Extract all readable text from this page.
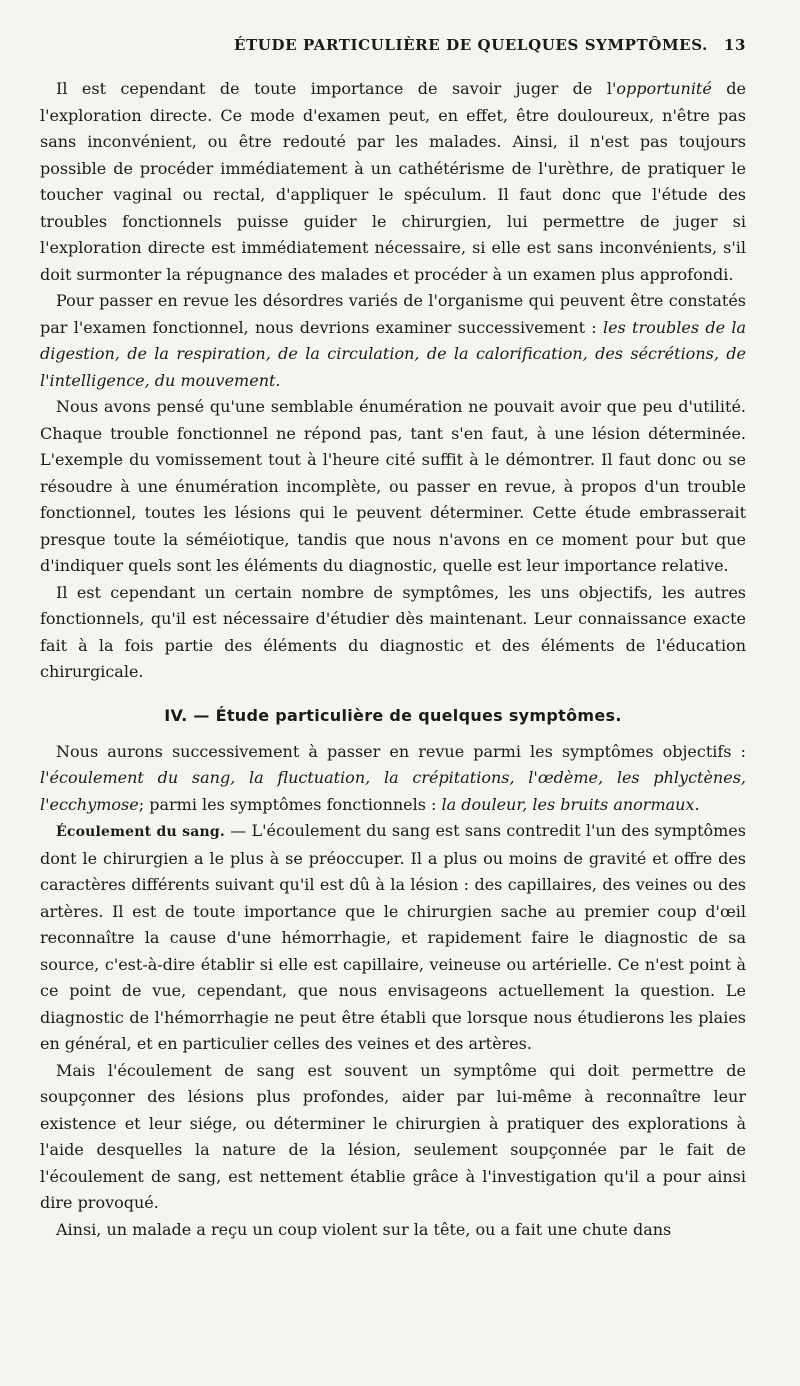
ÉTUDE PARTICULIÈRE DE QUELQUES SYMPTÔMES. 13

Il est cependant de toute importance de savoir juger de l'opportunité de l'exploration directe. Ce mode d'examen peut, en effet, être douloureux, n'être pas sans inconvénient, ou être redouté par les malades. Ainsi, il n'est pas toujours possible de procéder immédiatement à un cathétérisme de l'urèthre, de pratiquer le toucher vaginal ou rectal, d'appliquer le spéculum. Il faut donc que l'étude des troubles fonctionnels puisse guider le chirurgien, lui permettre de juger si l'exploration directe est immédiatement nécessaire, si elle est sans inconvénients, s'il doit surmonter la répugnance des malades et procéder à un examen plus approfondi.

Pour passer en revue les désordres variés de l'organisme qui peuvent être constatés par l'examen fonctionnel, nous devrions examiner successivement : les troubles de la digestion, de la respiration, de la circulation, de la calorification, des sécrétions, de l'intelligence, du mouvement.

Nous avons pensé qu'une semblable énumération ne pouvait avoir que peu d'utilité. Chaque trouble fonctionnel ne répond pas, tant s'en faut, à une lésion déterminée. L'exemple du vomissement tout à l'heure cité suffit à le démontrer. Il faut donc ou se résoudre à une énumération incomplète, ou passer en revue, à propos d'un trouble fonctionnel, toutes les lésions qui le peuvent déterminer. Cette étude embrasserait presque toute la séméiotique, tandis que nous n'avons en ce moment pour but que d'indiquer quels sont les éléments du diagnostic, quelle est leur importance relative.

Il est cependant un certain nombre de symptômes, les uns objectifs, les autres fonctionnels, qu'il est nécessaire d'étudier dès maintenant. Leur connaissance exacte fait à la fois partie des éléments du diagnostic et des éléments de l'éducation chirurgicale.

IV. — Étude particulière de quelques symptômes.

Nous aurons successivement à passer en revue parmi les symptômes objectifs : l'écoulement du sang, la fluctuation, la crépitations, l'œdème, les phlyctènes, l'ecchymose; parmi les symptômes fonctionnels : la douleur, les bruits anormaux.

Écoulement du sang. — L'écoulement du sang est sans contredit l'un des symptômes dont le chirurgien a le plus à se préoccuper. Il a plus ou moins de gravité et offre des caractères différents suivant qu'il est dû à la lésion : des capillaires, des veines ou des artères. Il est de toute importance que le chirurgien sache au premier coup d'œil reconnaître la cause d'une hémorrhagie, et rapidement faire le diagnostic de sa source, c'est-à-dire établir si elle est capillaire, veineuse ou artérielle. Ce n'est point à ce point de vue, cependant, que nous envisageons actuellement la question. Le diagnostic de l'hémorrhagie ne peut être établi que lorsque nous étudierons les plaies en général, et en particulier celles des veines et des artères.

Mais l'écoulement de sang est souvent un symptôme qui doit permettre de soupçonner des lésions plus profondes, aider par lui-même à reconnaître leur existence et leur siége, ou déterminer le chirurgien à pratiquer des explorations à l'aide desquelles la nature de la lésion, seulement soupçonnée par le fait de l'écoulement de sang, est nettement établie grâce à l'investigation qu'il a pour ainsi dire provoqué.

Ainsi, un malade a reçu un coup violent sur la tête, ou a fait une chute dans
